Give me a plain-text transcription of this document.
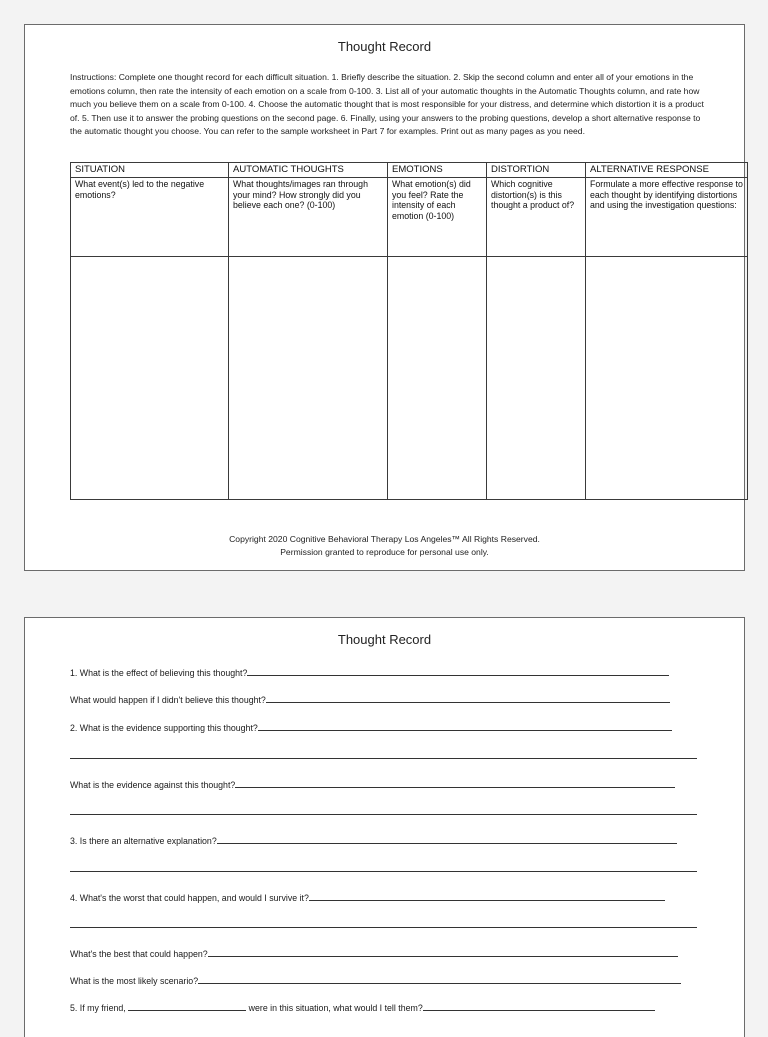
Thought Record
Instructions: Complete one thought record for each difficult situation. 1. Briefly describe the situation. 2. Skip the second column and enter all of your emotions in the emotions column, then rate the intensity of each emotion on a scale from 0-100. 3. List all of your automatic thoughts in the Automatic Thoughts column, and rate how much you believe them on a scale from 0-100. 4. Choose the automatic thought that is most responsible for your distress, and determine which distortion it is a product of. 5. Then use it to answer the probing questions on the second page. 6. Finally, using your answers to the probing questions, develop a short alternative response to the automatic thought you choose. You can refer to the sample worksheet in Part 7 for examples. Print out as many pages as you need.
SITUATION	AUTOMATIC THOUGHTS	EMOTIONS	DISTORTION	ALTERNATIVE RESPONSE
What event(s) led to the negative emotions?	What thoughts/images ran through your mind? How strongly did you believe each one? (0-100)	What emotion(s) did you feel? Rate the intensity of each emotion (0-100)	Which cognitive distortion(s) is this thought a product of?	Formulate a more effective response to each thought by identifying distortions and using the investigation questions:

Copyright 2020 Cognitive Behavioral Therapy Los Angeles™ All Rights Reserved.
Permission granted to reproduce for personal use only.
Thought Record
1. What is the effect of believing this thought?
What would happen if I didn't believe this thought?
2. What is the evidence supporting this thought?
What is the evidence against this thought?
3. Is there an alternative explanation?
4. What's the worst that could happen, and would I survive it?
What's the best that could happen?
What is the most likely scenario?
5. If my friend,	were in this situation, what would I tell them?
